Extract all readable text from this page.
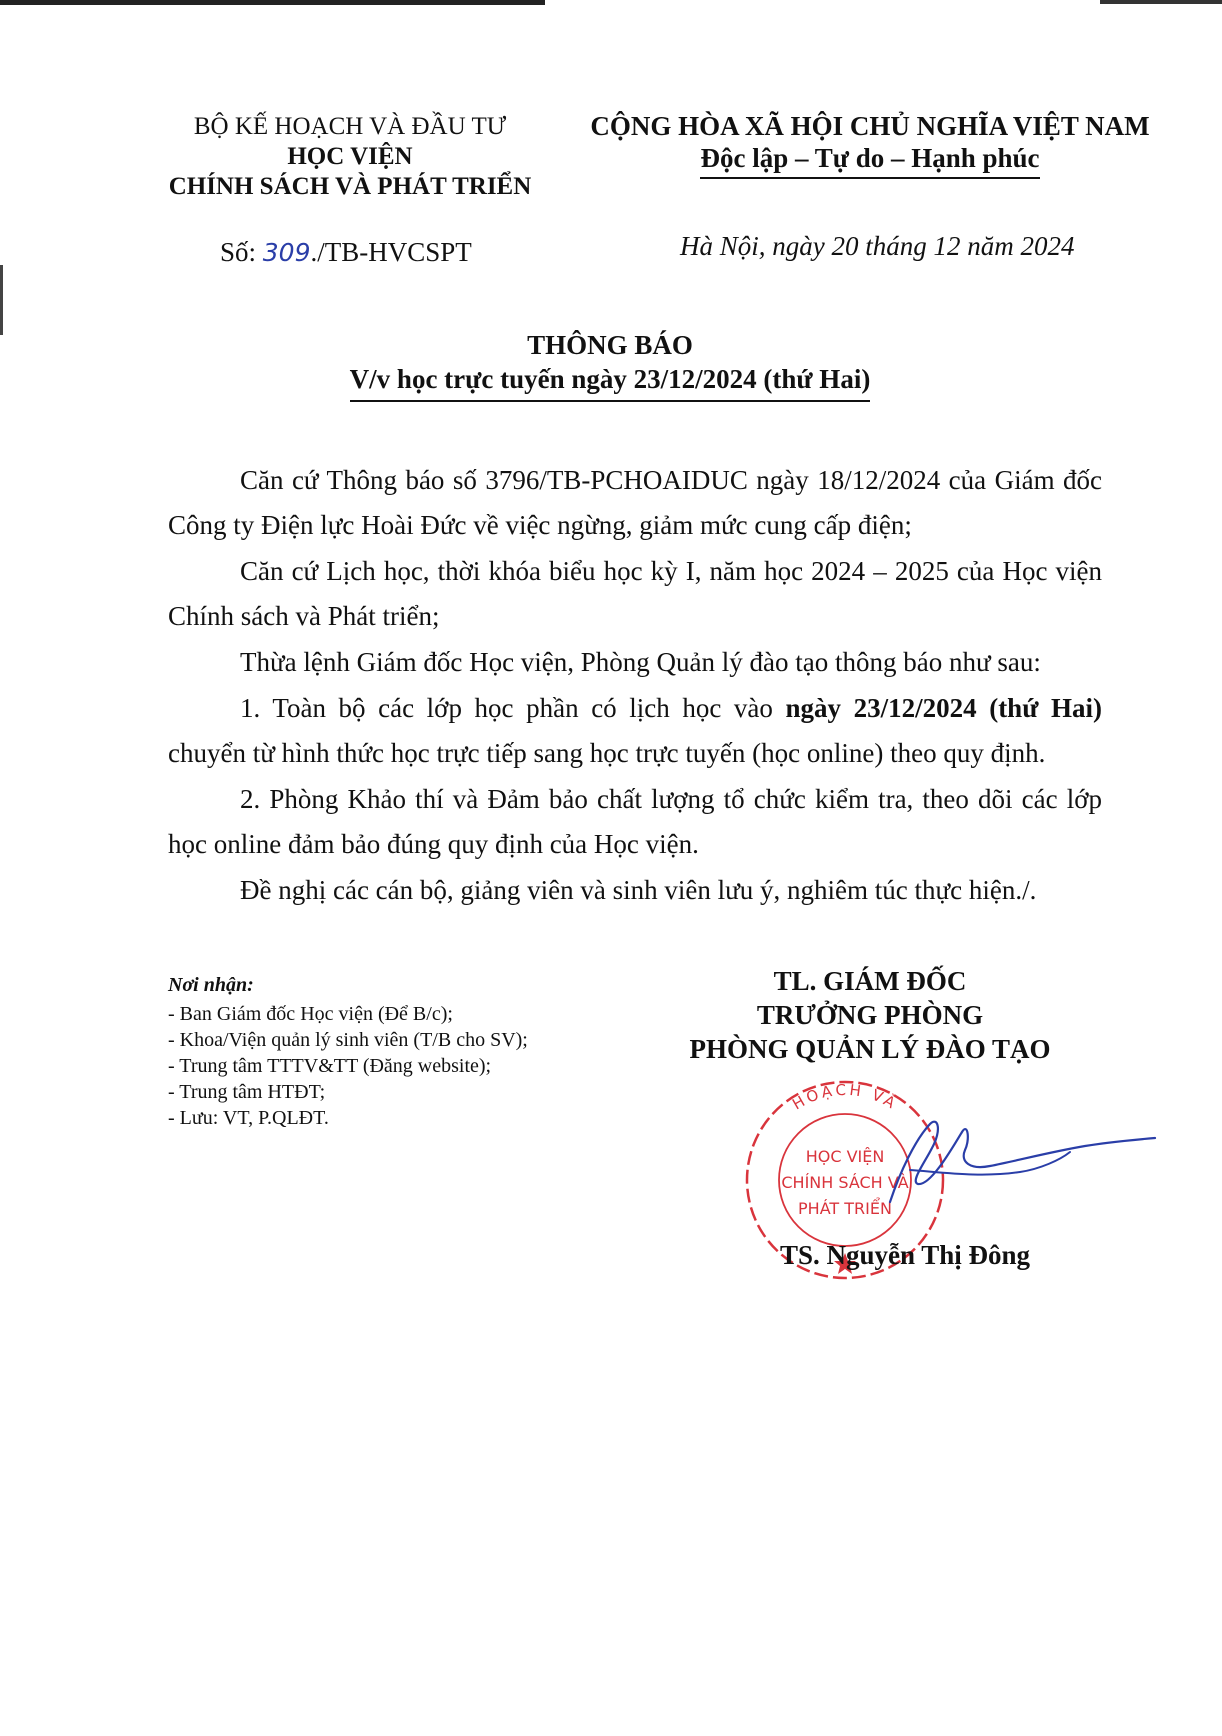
BỘ KẾ HOẠCH VÀ ĐẦU TƯ
HỌC VIỆN
CHÍNH SÁCH VÀ PHÁT TRIỂN
CỘNG HÒA XÃ HỘI CHỦ NGHĨA VIỆT NAM
Độc lập – Tự do – Hạnh phúc
Số: 309./TB-HVCSPT	Hà Nội, ngày 20 tháng 12 năm 2024
THÔNG BÁO
V/v học trực tuyến ngày 23/12/2024 (thứ Hai)

Căn cứ Thông báo số 3796/TB-PCHOAIDUC ngày 18/12/2024 của Giám đốc Công ty Điện lực Hoài Đức về việc ngừng, giảm mức cung cấp điện;

Căn cứ Lịch học, thời khóa biểu học kỳ I, năm học 2024 – 2025 của Học viện Chính sách và Phát triển;

Thừa lệnh Giám đốc Học viện, Phòng Quản lý đào tạo thông báo như sau:

1. Toàn bộ các lớp học phần có lịch học vào ngày 23/12/2024 (thứ Hai) chuyển từ hình thức học trực tiếp sang học trực tuyến (học online) theo quy định.

2. Phòng Khảo thí và Đảm bảo chất lượng tổ chức kiểm tra, theo dõi các lớp học online đảm bảo đúng quy định của Học viện.

Đề nghị các cán bộ, giảng viên và sinh viên lưu ý, nghiêm túc thực hiện./.

Nơi nhận:
- Ban Giám đốc Học viện (Để B/c);
- Khoa/Viện quản lý sinh viên (T/B cho SV);
- Trung tâm TTTV&TT (Đăng website);
- Trung tâm HTĐT;
- Lưu: VT, P.QLĐT.
TL. GIÁM ĐỐC
TRƯỞNG PHÒNG
PHÒNG QUẢN LÝ ĐÀO TẠO
HOẠCH VÀ
HỌC VIỆN
CHÍNH SÁCH VÀ
PHÁT TRIỂN
TS. Nguyễn Thị Đông
